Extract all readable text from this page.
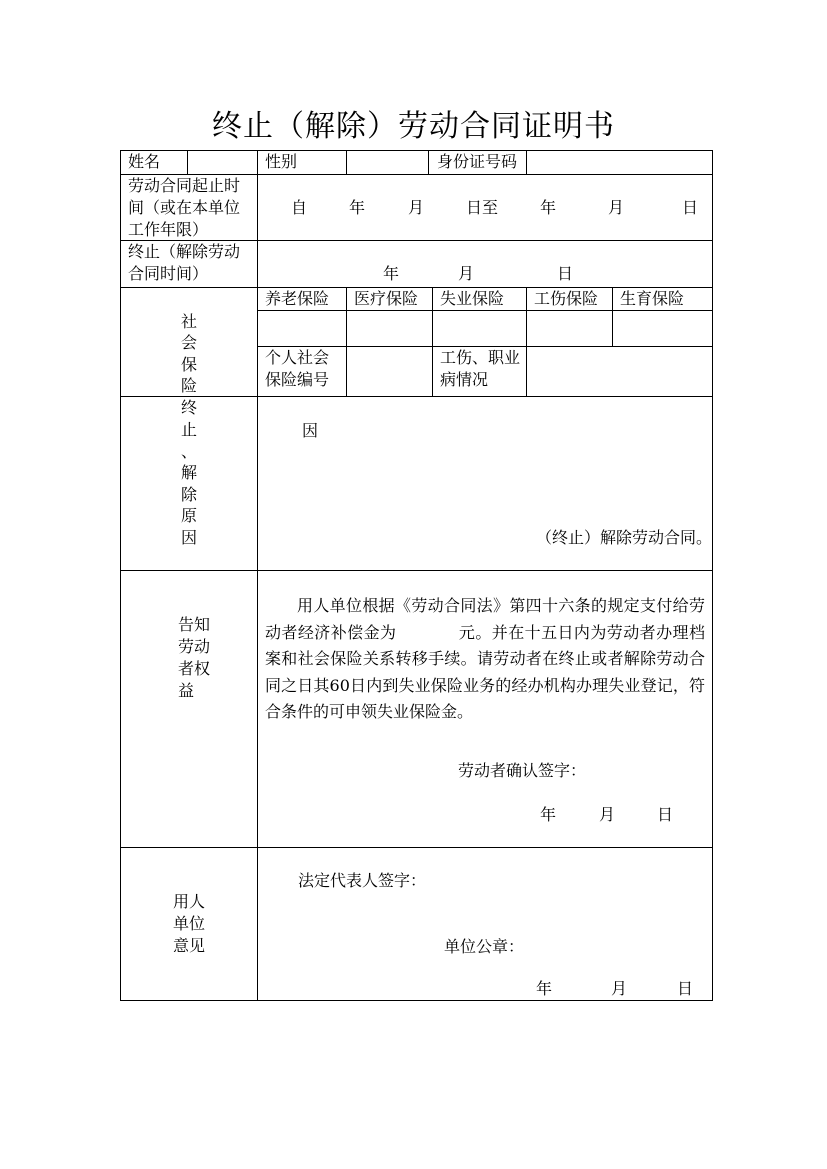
终止（解除）劳动合同证明书
姓名	性别	身份证号码
劳动合同起止时
间（或在本单位
工作年限）
自	年	月	日至	年	月	日
终止（解除劳动
合同时间）	年	月	日
社
会
保
险
养老保险 医疗保险 失业保险 工伤保险 生育保险
个人社会
保险编号
工伤、职业
病情况
终
止
、
解
除
原
因
因
（终止）解除劳动合同。
告知
劳动
者权
益
用人单位根据《劳动合同法》第四十六条的规定支付给劳动者经济补偿金为	元。并在十五日内为劳动者办理档案和社会保险关系转移手续。请劳动者在终止或者解除劳动合同之日其60日内到失业保险业务的经办机构办理失业登记，符合条件的可申领失业保险金。
劳动者确认签字：
年	月	日
用人
单位
意见
法定代表人签字：
单位公章：
年	月	日
